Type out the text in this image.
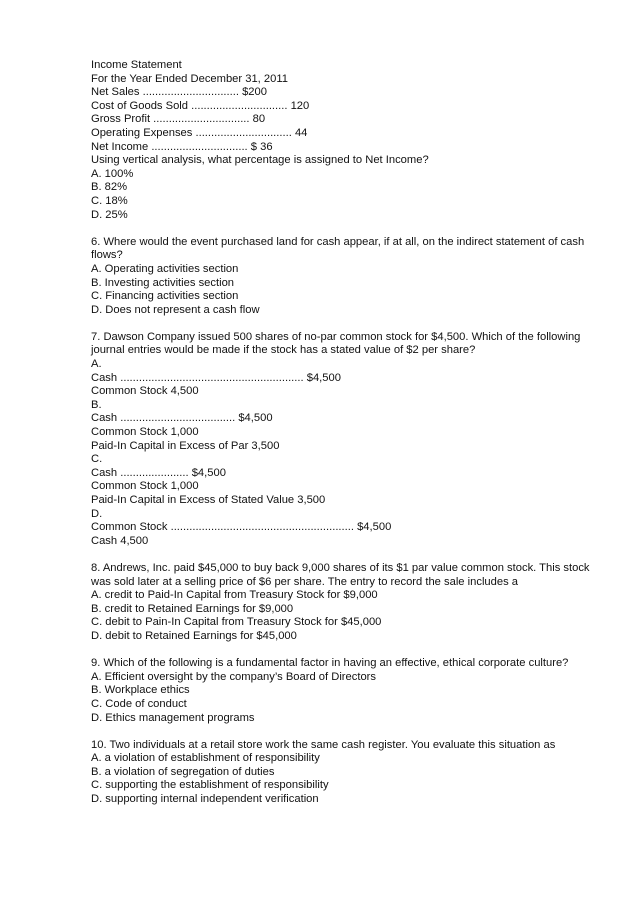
Income Statement
For the Year Ended December 31, 2011
Net Sales ............................... $200
Cost of Goods Sold ............................... 120
Gross Profit ............................... 80
Operating Expenses ............................... 44
Net Income ............................... $ 36
Using vertical analysis, what percentage is assigned to Net Income?
A. 100%
B. 82%
C. 18%
D. 25%
6. Where would the event purchased land for cash appear, if at all, on the indirect statement of cash flows?
A. Operating activities section
B. Investing activities section
C. Financing activities section
D. Does not represent a cash flow
7. Dawson Company issued 500 shares of no-par common stock for $4,500. Which of the following journal entries would be made if the stock has a stated value of $2 per share?
A.
Cash ........................................................... $4,500
Common Stock 4,500
B.
Cash ..................................... $4,500
Common Stock 1,000
Paid-In Capital in Excess of Par 3,500
C.
Cash ...................... $4,500
Common Stock 1,000
Paid-In Capital in Excess of Stated Value 3,500
D.
Common Stock ........................................................... $4,500
Cash 4,500
8. Andrews, Inc. paid $45,000 to buy back 9,000 shares of its $1 par value common stock. This stock was sold later at a selling price of $6 per share. The entry to record the sale includes a
A. credit to Paid-In Capital from Treasury Stock for $9,000
B. credit to Retained Earnings for $9,000
C. debit to Pain-In Capital from Treasury Stock for $45,000
D. debit to Retained Earnings for $45,000
9. Which of the following is a fundamental factor in having an effective, ethical corporate culture?
A. Efficient oversight by the company’s Board of Directors
B. Workplace ethics
C. Code of conduct
D. Ethics management programs
10. Two individuals at a retail store work the same cash register. You evaluate this situation as
A. a violation of establishment of responsibility
B. a violation of segregation of duties
C. supporting the establishment of responsibility
D. supporting internal independent verification
